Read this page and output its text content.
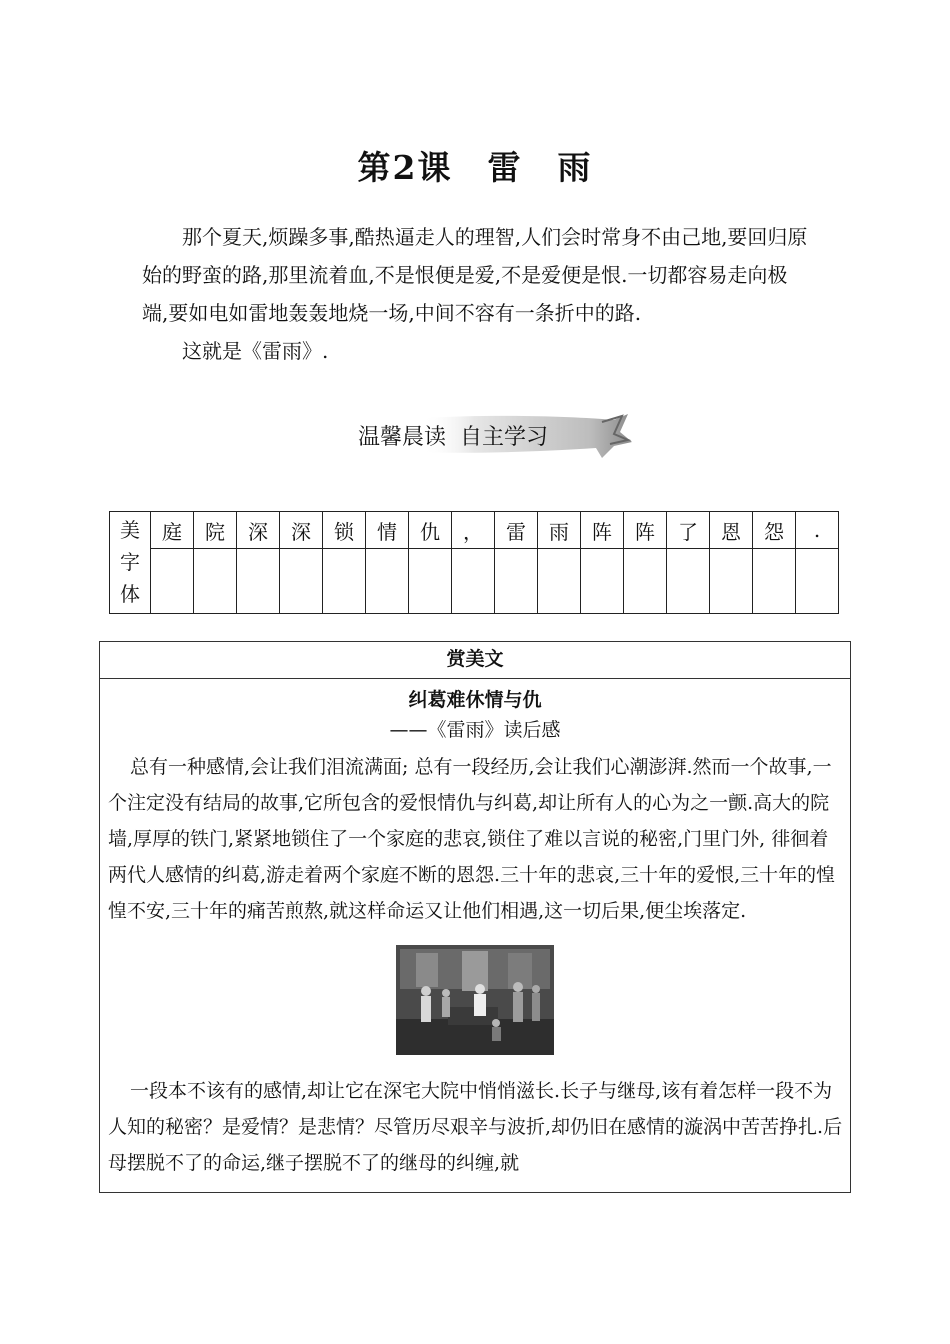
第2课　雷　雨

那个夏天,烦躁多事,酷热逼走人的理智,人们会时常身不由己地,要回归原始的野蛮的路,那里流着血,不是恨便是爱,不是爱便是恨.一切都容易走向极端,要如电如雷地轰轰地烧一场,中间不容有一条折中的路.

这就是《雷雨》.

温馨晨读  自主学习
美字体	庭	院	深	深	锁	情	仇	，	雷	雨	阵	阵	了	恩	怨	.

赏美文
纠葛难休情与仇
——《雷雨》读后感
总有一种感情,会让我们泪流满面; 总有一段经历,会让我们心潮澎湃.然而一个故事,一个注定没有结局的故事,它所包含的爱恨情仇与纠葛,却让所有人的心为之一颤.高大的院墙,厚厚的铁门,紧紧地锁住了一个家庭的悲哀,锁住了难以言说的秘密,门里门外, 徘徊着两代人感情的纠葛,游走着两个家庭不断的恩怨.三十年的悲哀,三十年的爱恨,三十年的惶惶不安,三十年的痛苦煎熬,就这样命运又让他们相遇,这一切后果,便尘埃落定.
一段本不该有的感情,却让它在深宅大院中悄悄滋长.长子与继母,该有着怎样一段不为人知的秘密？是爱情？是悲情？尽管历尽艰辛与波折,却仍旧在感情的漩涡中苦苦挣扎.后母摆脱不了的命运,继子摆脱不了的继母的纠缠,就
